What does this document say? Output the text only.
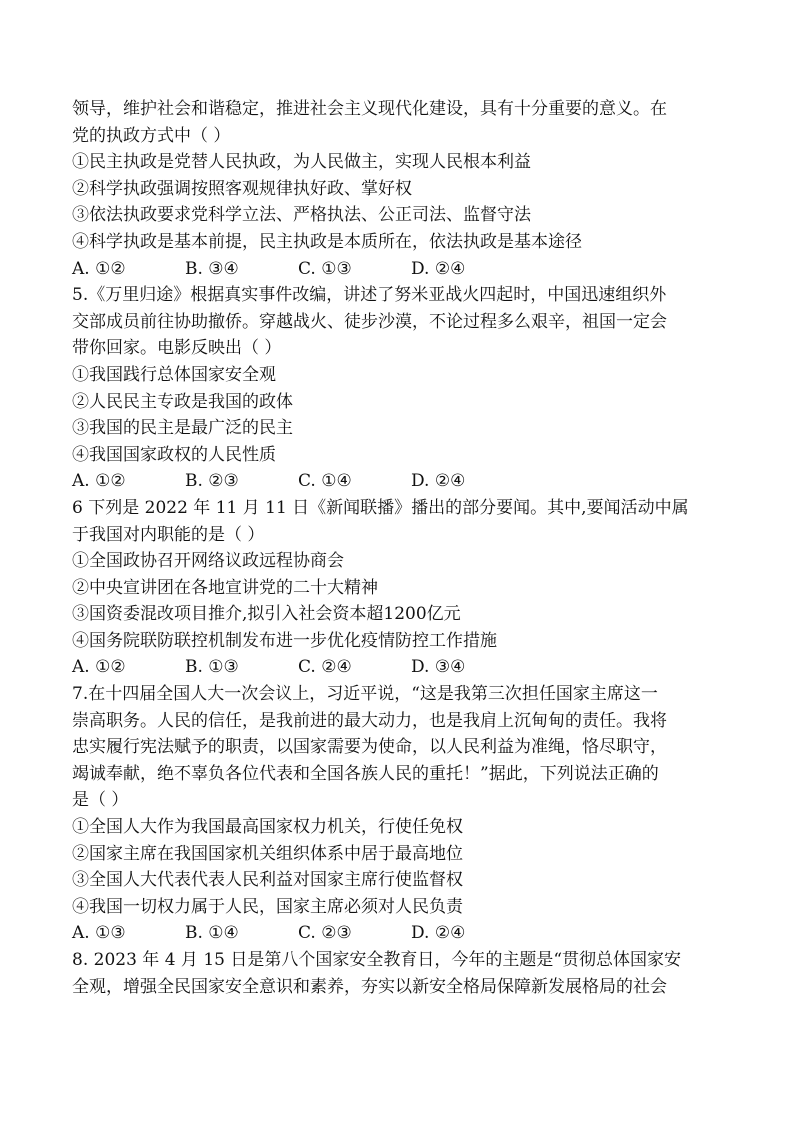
领导，维护社会和谐稳定，推进社会主义现代化建设，具有十分重要的意义。在
党的执政方式中（ ）
①民主执政是党替人民执政，为人民做主，实现人民根本利益
②科学执政强调按照客观规律执好政、掌好权
③依法执政要求党科学立法、严格执法、公正司法、监督守法
④科学执政是基本前提，民主执政是本质所在，依法执政是基本途径
A. ①②	B. ③④	C. ①③	D. ②④
5.《万里归途》根据真实事件改编，讲述了努米亚战火四起时，中国迅速组织外
交部成员前往协助撤侨。穿越战火、徒步沙漠，不论过程多么艰辛，祖国一定会
带你回家。电影反映出（ ）
①我国践行总体国家安全观
②人民民主专政是我国的政体
③我国的民主是最广泛的民主
④我国国家政权的人民性质
A. ①②	B. ②③	C. ①④	D. ②④
6 下列是 2022 年 11 月 11 日《新闻联播》播出的部分要闻。其中,要闻活动中属
于我国对内职能的是（ ）
①全国政协召开网络议政远程协商会
②中央宣讲团在各地宣讲党的二十大精神
③国资委混改项目推介,拟引入社会资本超1200亿元
④国务院联防联控机制发布进一步优化疫情防控工作措施
A. ①②	B. ①③	C. ②④	D. ③④
7.在十四届全国人大一次会议上，习近平说，“这是我第三次担任国家主席这一
崇高职务。人民的信任，是我前进的最大动力，也是我肩上沉甸甸的责任。我将
忠实履行宪法赋予的职责，以国家需要为使命，以人民利益为准绳，恪尽职守，
竭诚奉献，绝不辜负各位代表和全国各族人民的重托！”据此，下列说法正确的
是（ ）
①全国人大作为我国最高国家权力机关，行使任免权
②国家主席在我国国家机关组织体系中居于最高地位
③全国人大代表代表人民利益对国家主席行使监督权
④我国一切权力属于人民，国家主席必须对人民负责
A. ①③	B. ①④	C. ②③	D. ②④
8. 2023 年 4 月 15 日是第八个国家安全教育日，今年的主题是“贯彻总体国家安
全观，增强全民国家安全意识和素养，夯实以新安全格局保障新发展格局的社会
